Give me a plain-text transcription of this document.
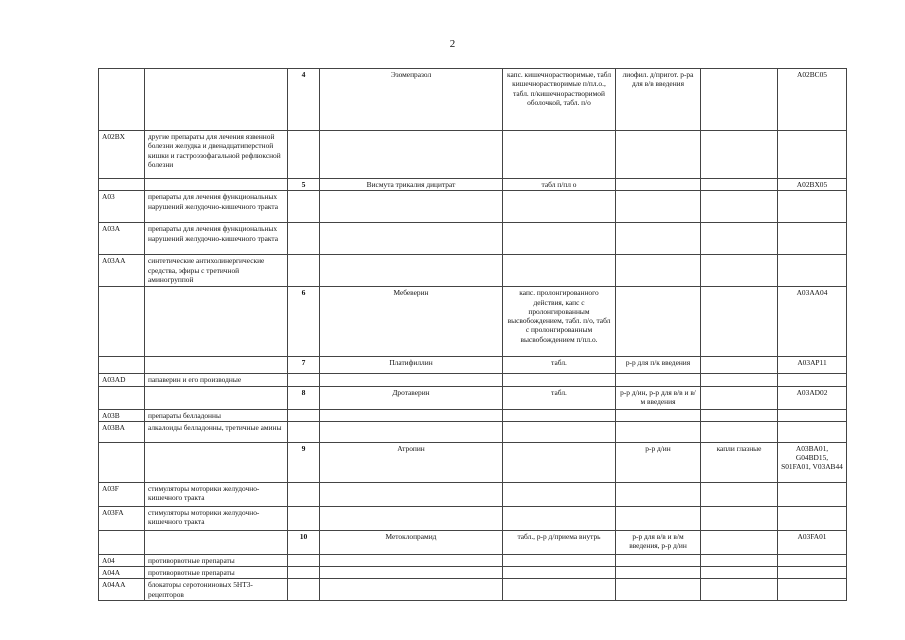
2
		4	Эзомепразол	капс. кишечнорастворимые, табл кишечнорастворимые п/пл.о., табл. п/кишечнорастворимой оболочкой, табл. п/о	лиофил. д/пригот. р-ра для в/в введения		A02BC05
A02BX	другие препараты для лечения язвенной болезни желудка и двенадцатиперстной кишки и гастроэзофагальной рефлюксной болезни						
		5	Висмута трикалия дицитрат	табл п/пл о			A02BX05
A03	препараты для лечения функциональных нарушений желудочно-кишечного тракта						
A03A	препараты для лечения функциональных нарушений желудочно-кишечного тракта						
A03AA	синтетические антихолинергические средства, эфиры с третичной аминогруппой						
		6	Мебеверин	капс. пролонгированного действия, капс с пролонгированным высвобождением, табл. п/о, табл с пролонгированным высвобождением п/пл.о.			A03AA04
		7	Платифиллин	табл.	р-р для п/к введения		A03AP11
A03AD	папаверин и его производные						
		8	Дротаверин	табл.	р-р д/ин, р-р для в/в и в/м введения		A03AD02
A03B	препараты белладонны						
A03BA	алкалоиды белладонны, третичные амины						
		9	Атропин		р-р д/ин	капли глазные	A03BA01, G04BD15, S01FA01, V03AB44
A03F	стимуляторы моторики желудочно-кишечного тракта						
A03FA	стимуляторы моторики желудочно-кишечного тракта						
		10	Метоклопрамид	табл., р-р д/приема внутрь	р-р для в/в и в/м введения, р-р д/ин		A03FA01
A04	противорвотные препараты						
A04A	противорвотные препараты						
A04AA	блокаторы серотониновых 5HT3-рецепторов						
